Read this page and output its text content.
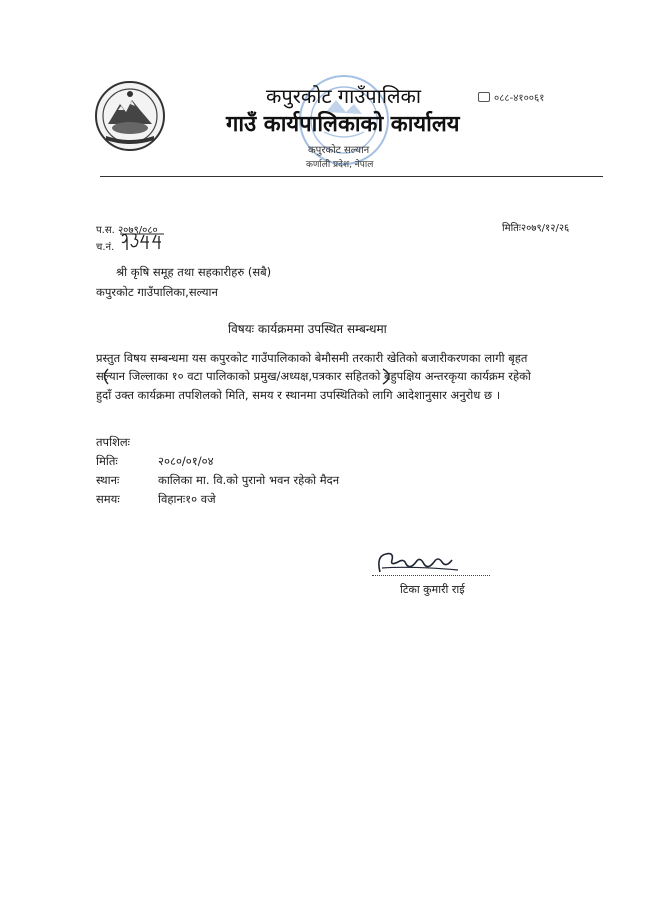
कपुरकोट गाउँपालिका
गाउँ कार्यपालिकाको कार्यालय
कपुरकोट सल्यान
कर्णाली प्रदेश, नेपाल
०८८-४१००६१
प.स. २०७९/०८०	मितिः२०७९/१२/२६
च.नं.
श्री कृषि समूह तथा सहकारीहरु (सबै)
कपुरकोट गाउँपालिका,सल्यान
विषयः कार्यक्रममा उपस्थित सम्बन्धमा
प्रस्तुत विषय सम्बन्धमा यस कपुरकोट गाउँपालिकाको बेमौसमी तरकारी खेतिको बजारीकरणका लागी बृहत
सल्यान जिल्लाका १० वटा पालिकाको प्रमुख/अध्यक्ष,पत्रकार सहितको बहुपक्षिय अन्तरकृया कार्यक्रम रहेको
हुदाँ उक्त कार्यक्रमा तपशिलको मिति, समय र स्थानमा उपस्थितिको लागि आदेशानुसार अनुरोध छ ।
तपशिलः
मितिः	२०८०/०१/०४
स्थानः	कालिका मा. वि.को पुरानो भवन रहेको मैदन
समयः	विहानः१० वजे
टिका कुमारी राई
